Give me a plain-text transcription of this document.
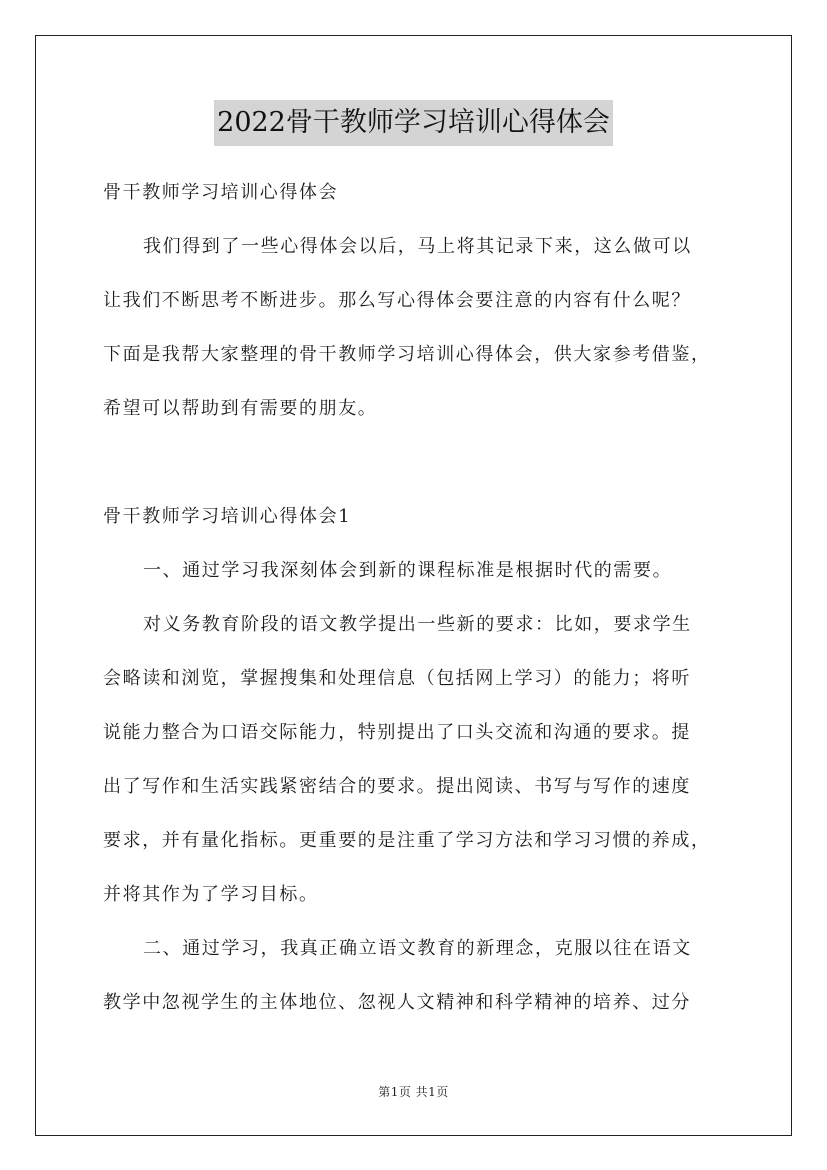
2022骨干教师学习培训心得体会
骨干教师学习培训心得体会
我们得到了一些心得体会以后，马上将其记录下来，这么做可以
让我们不断思考不断进步。那么写心得体会要注意的内容有什么呢？
下面是我帮大家整理的骨干教师学习培训心得体会，供大家参考借鉴，
希望可以帮助到有需要的朋友。
骨干教师学习培训心得体会1
一、通过学习我深刻体会到新的课程标准是根据时代的需要。
对义务教育阶段的语文教学提出一些新的要求：比如，要求学生
会略读和浏览，掌握搜集和处理信息（包括网上学习）的能力；将听
说能力整合为口语交际能力，特别提出了口头交流和沟通的要求。提
出了写作和生活实践紧密结合的要求。提出阅读、书写与写作的速度
要求，并有量化指标。更重要的是注重了学习方法和学习习惯的养成，
并将其作为了学习目标。
二、通过学习，我真正确立语文教育的新理念，克服以往在语文
教学中忽视学生的主体地位、忽视人文精神和科学精神的培养、过分
第1页 共1页
